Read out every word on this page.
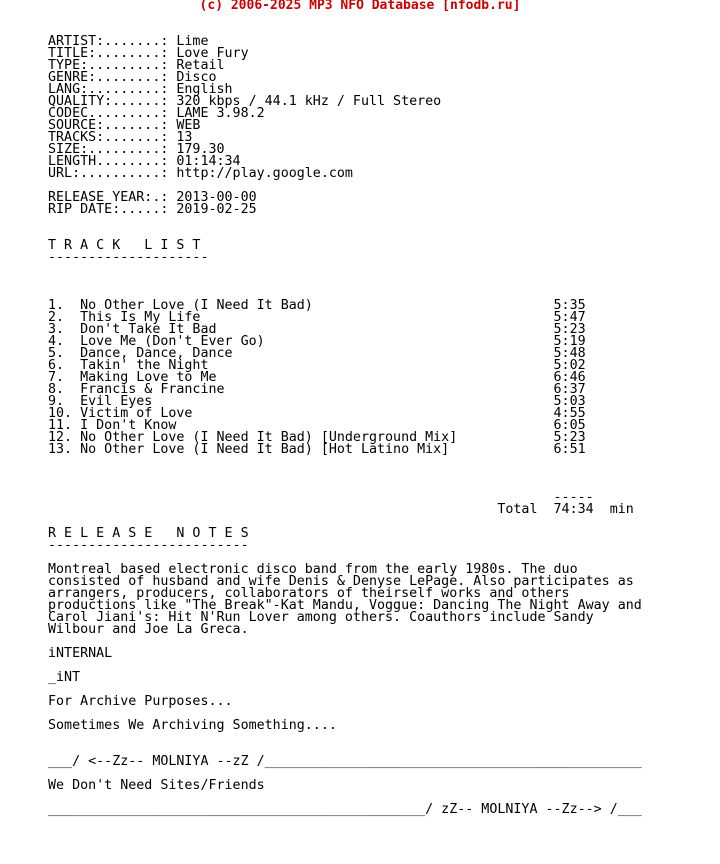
(c) 2006-2025 MP3 NFO Database [nfodb.ru]
ARTIST:.......: Lime
TITLE:........: Love Fury
TYPE:.........: Retail
GENRE:........: Disco
LANG:.........: English
QUALITY:......: 320 kbps / 44.1 kHz / Full Stereo
CODEC.........: LAME 3.98.2
SOURCE:.......: WEB
TRACKS:.......: 13
SIZE:.........: 179.30
LENGTH........: 01:14:34
URL:..........: http://play.google.com

RELEASE YEAR:.: 2013-00-00
RIP DATE:.....: 2019-02-25

T R A C K   L I S T
--------------------

1.  No Other Love (I Need It Bad)                              5:35
2.  This Is My Life                                            5:47
3.  Don't Take It Bad                                          5:23
4.  Love Me (Don't Ever Go)                                    5:19
5.  Dance, Dance, Dance                                        5:48
6.  Takin' the Night                                           5:02
7.  Making Love to Me                                          6:46
8.  Francis & Francine                                         6:37
9.  Evil Eyes                                                  5:03
10. Victim of Love                                             4:55
11. I Don't Know                                               6:05
12. No Other Love (I Need It Bad) [Underground Mix]            5:23
13. No Other Love (I Need It Bad) [Hot Latino Mix]             6:51

-----
Total  74:34  min

R E L E A S E   N O T E S
-------------------------

Montreal based electronic disco band from the early 1980s. The duo
consisted of husband and wife Denis & Denyse LePage. Also participates as
arrangers, producers, collaborators of theirself works and others
productions like "The Break"-Kat Mandu, Voggue: Dancing The Night Away and
Carol Jiani's: Hit N'Run Lover among others. Coauthors include Sandy
Wilbour and Joe La Greca.

iNTERNAL

_iNT

For Archive Purposes...

Sometimes We Archiving Something....

___/ <--Zz-- MOLNIYA --zZ /_______________________________________________

We Don't Need Sites/Friends

_______________________________________________/ zZ-- MOLNIYA --Zz--> /___
